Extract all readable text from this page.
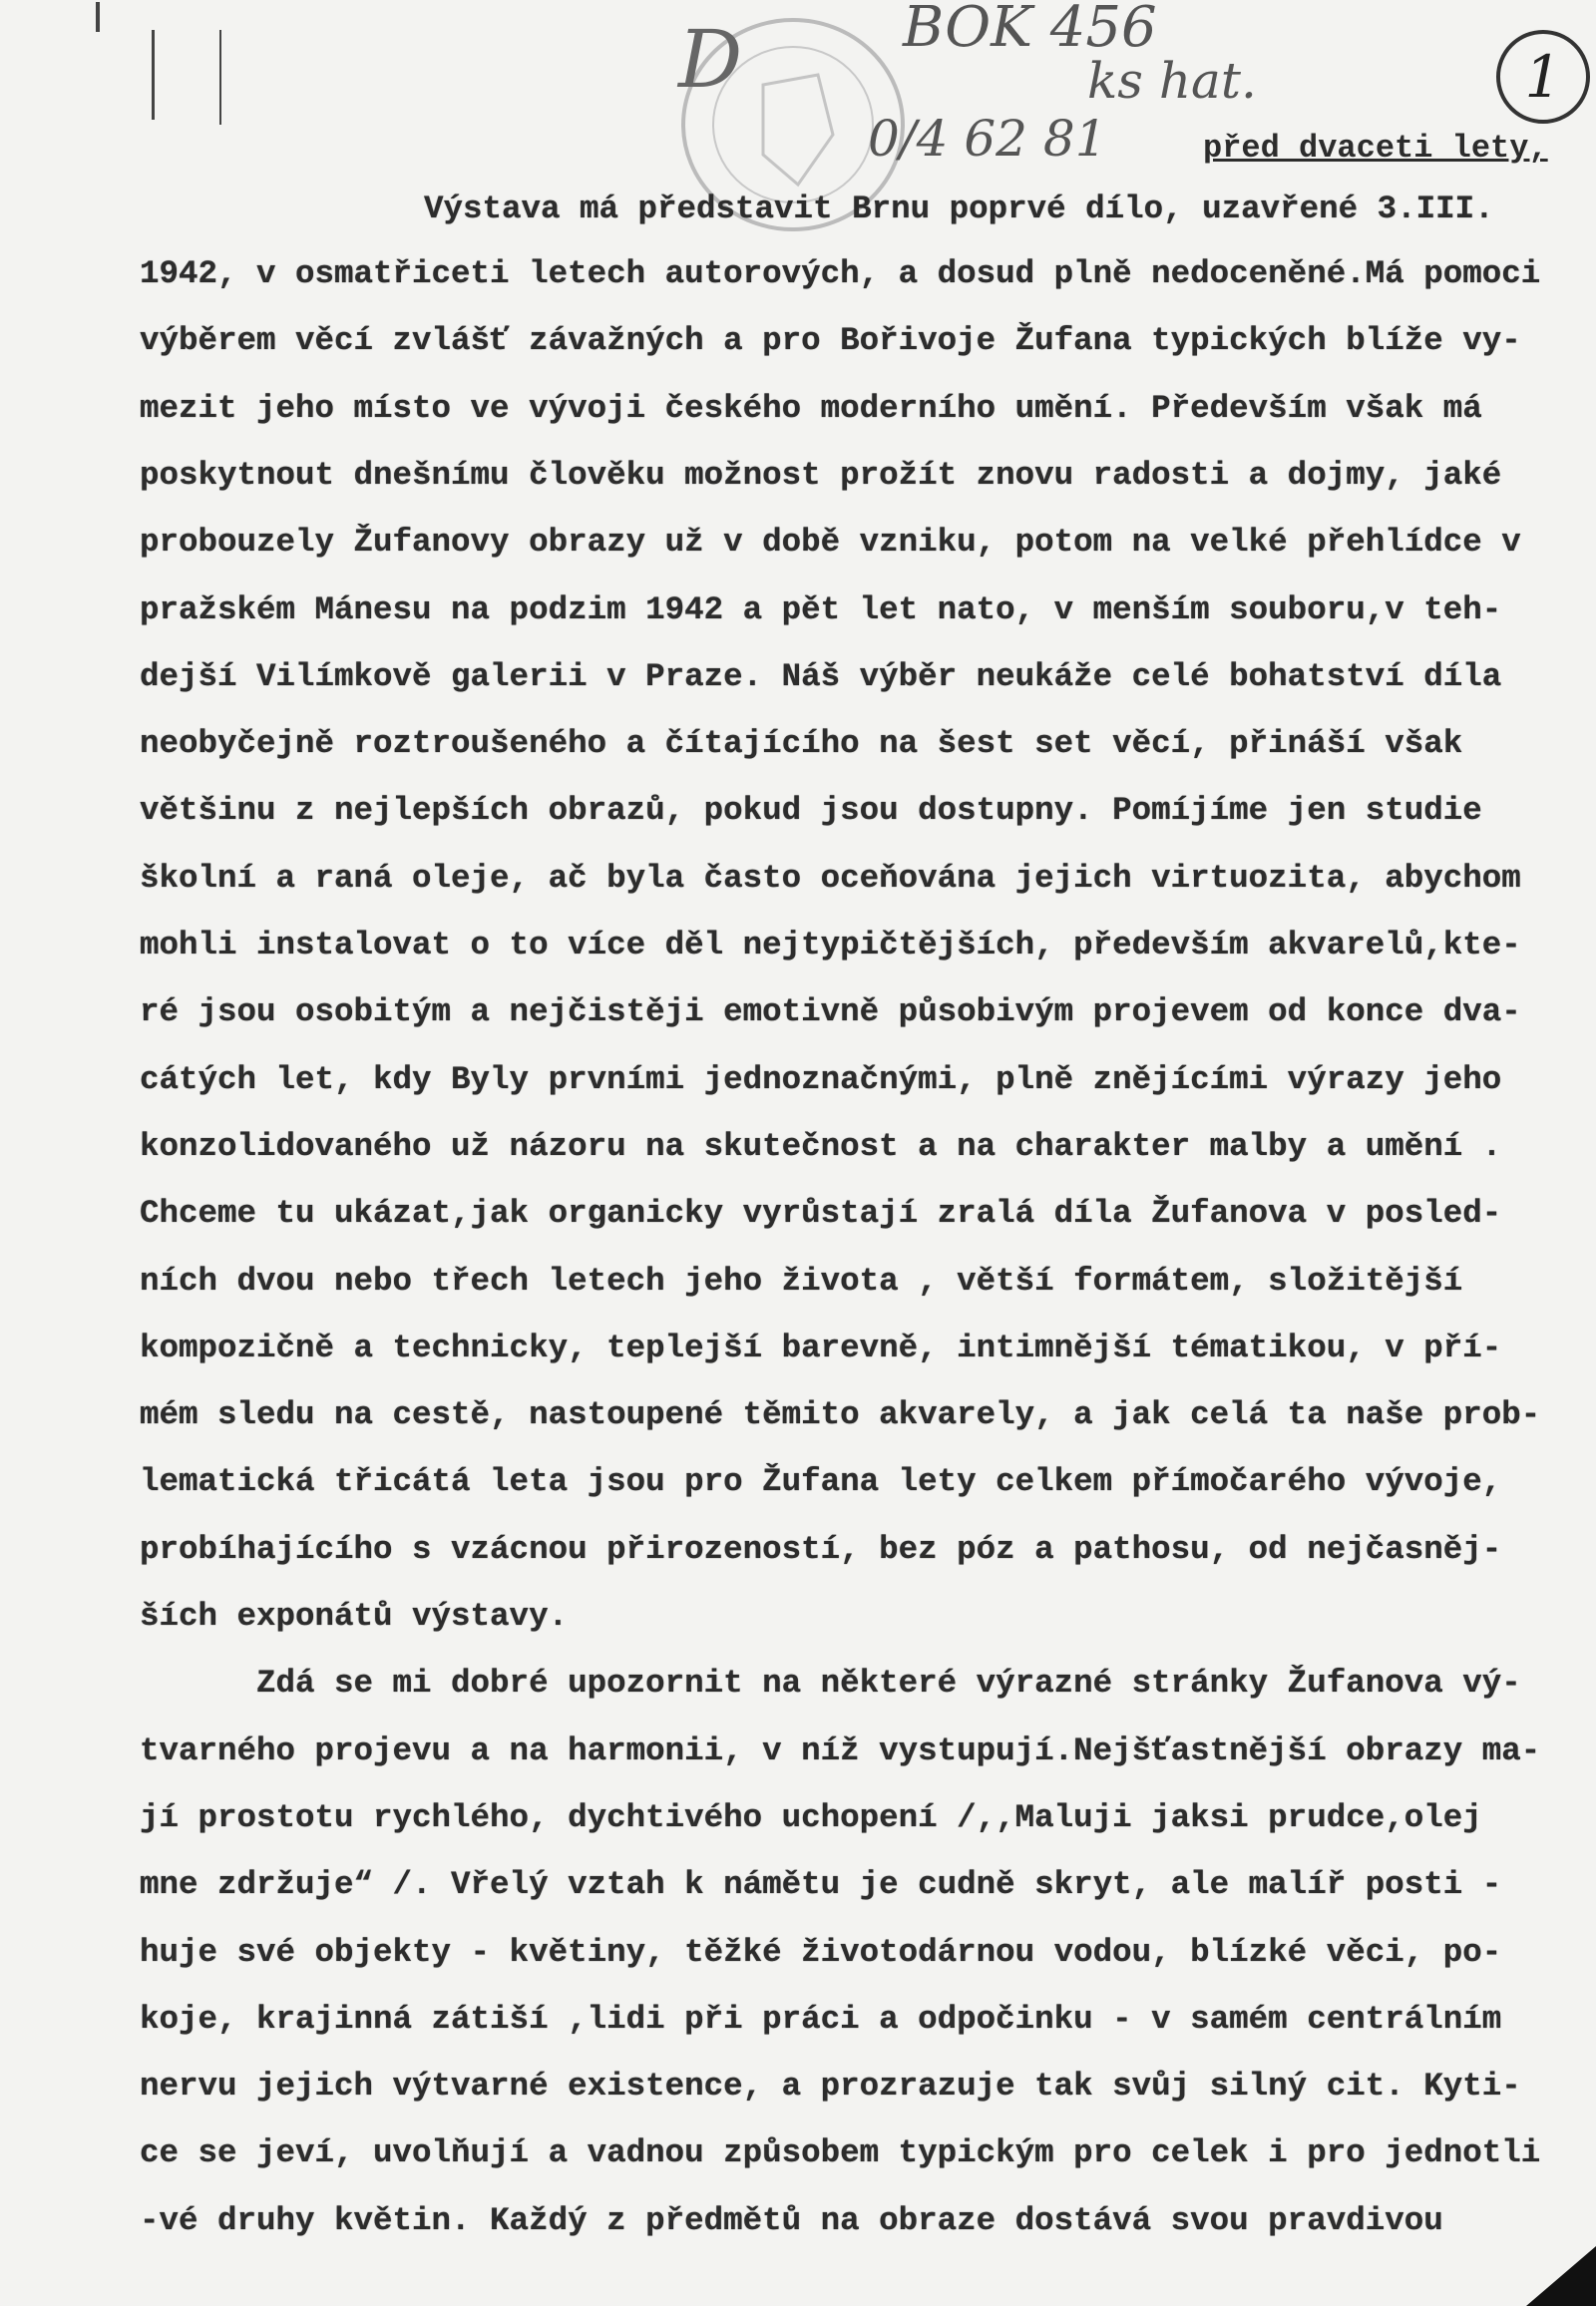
D	BOK 456
ks hat.
0/4 62 81
1
před dvaceti lety,
Výstava má představit Brnu poprvé dílo, uzavřené 3.III.
1942, v osmatřiceti letech autorových, a dosud plně nedoceněné.Má pomoci
výběrem věcí zvlášť závažných a pro Bořivoje Žufana typických blíže vy-
mezit jeho místo ve vývoji českého moderního umění. Především však má
poskytnout dnešnímu člověku možnost prožít znovu radosti a dojmy, jaké
probouzely Žufanovy obrazy už v době vzniku, potom na velké přehlídce v
pražském Mánesu na podzim 1942 a pět let nato, v menším souboru,v teh-
dejší Vilímkově galerii v Praze. Náš výběr neukáže celé bohatství díla
neobyčejně roztroušeného a čítajícího na šest set věcí, přináší však
většinu z nejlepších obrazů, pokud jsou dostupny. Pomíjíme jen studie
školní a raná oleje, ač byla často oceňována jejich virtuozita, abychom
mohli instalovat o to více děl nejtypičtějších, především akvarelů,kte-
ré jsou osobitým a nejčistěji emotivně působivým projevem od konce dva-
cátých let, kdy Byly prvními jednoznačnými, plně znějícími výrazy jeho
konzolidovaného už názoru na skutečnost a na charakter malby a umění .
Chceme tu ukázat,jak organicky vyrůstají zralá díla Žufanova v posled-
ních dvou nebo třech letech jeho života , větší formátem, složitější
kompozičně a technicky, teplejší barevně, intimnější tématikou, v pří-
mém sledu na cestě, nastoupené těmito akvarely, a jak celá ta naše prob-
lematická třicátá leta jsou pro Žufana lety celkem přímočarého vývoje,
probíhajícího s vzácnou přirozeností, bez póz a pathosu, od nejčasněj-
ších exponátů výstavy.
Zdá se mi dobré upozornit na některé výrazné stránky Žufanova vý-
tvarného projevu a na harmonii, v níž vystupují.Nejšťastnější obrazy ma-
jí prostotu rychlého, dychtivého uchopení /,,Maluji jaksi prudce,olej
mne zdržuje“ /. Vřelý vztah k námětu je cudně skryt, ale malíř posti -
huje své objekty - květiny, těžké životodárnou vodou, blízké věci, po-
koje, krajinná zátiší ,lidi při práci a odpočinku - v samém centrálním
nervu jejich výtvarné existence, a prozrazuje tak svůj silný cit. Kyti-
ce se jeví, uvolňují a vadnou způsobem typickým pro celek i pro jednotli
-vé druhy květin. Každý z předmětů na obraze dostává svou pravdivou
